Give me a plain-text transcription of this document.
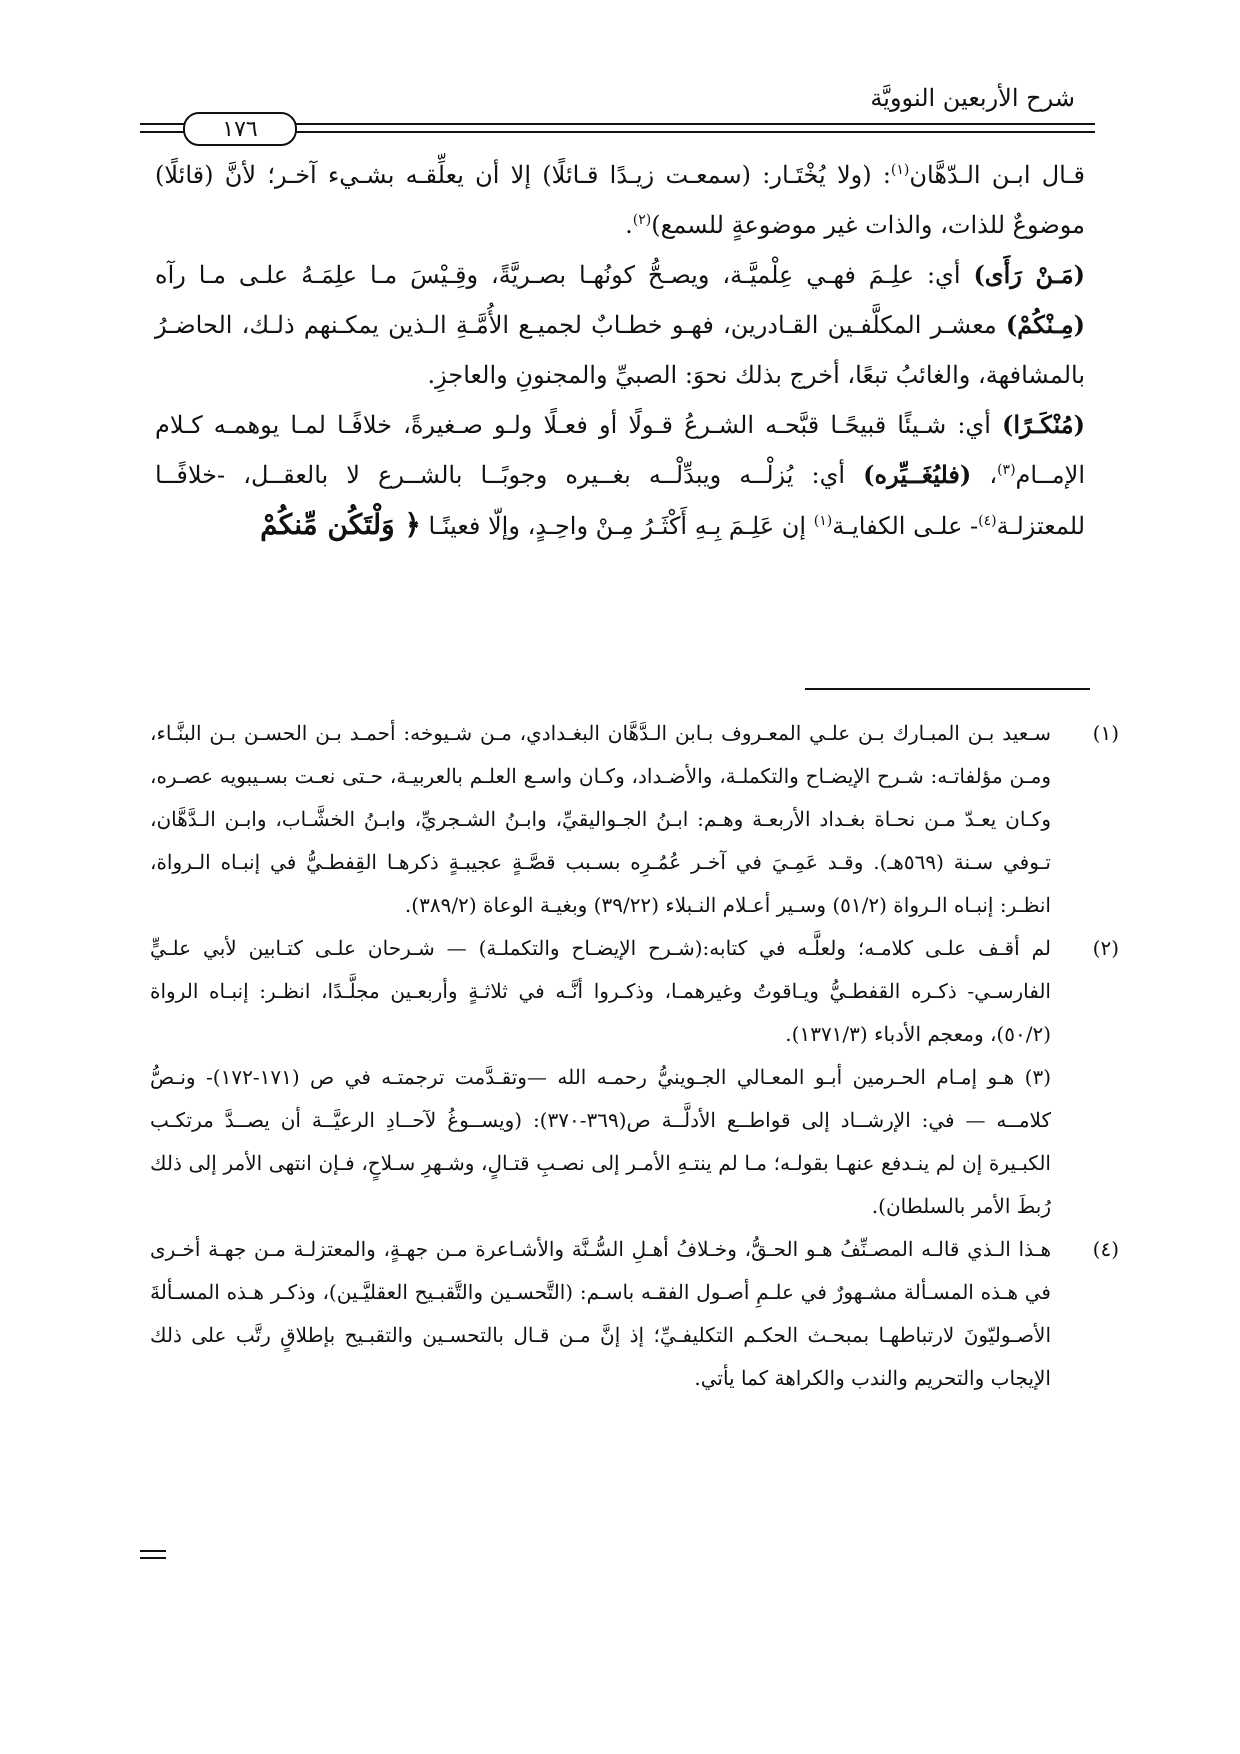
شرح الأربعين النوويَّة
١٧٦

قـال ابـن الـدّهَّان$^{(١)}$: (ولا يُخْتَـار: (سمعـت زيـدًا قـائلًا) إلا أن يعلِّقـه بشـيء آخـر؛ لأنَّ (قائلًا) موضوعٌ للذات، والذات غير موضوعةٍ للسمع)$^{(٢)}$.

(مَـنْ رَأَى) أي: علِـمَ فهـي عِلْميَّـة، ويصـحُّ كونُهـا بصـريَّةً، وقِـيْسَ مـا علِمَـهُ علـى مـا رآه (مِـنْكُمْ) معشـر المكلَّفـين القـادرين، فهـو خطـابٌ لجميـع الأُمَّـةِ الـذين يمكـنهم ذلـك، الحاضـرُ بالمشافهة، والغائبُ تبعًا، أخرج بذلك نحوَ: الصبيِّ والمجنونِ والعاجزِ.

(مُنْكَـرًا) أي: شـيئًا قبيحًـا قبَّحـه الشـرعُ قـولًا أو فعـلًا ولـو صـغيرةً، خلافًـا لمـا يوهمـه كـلام الإمــام$^{(٣)}$، (فليُغَــيِّره) أي: يُزلْــه ويبدِّلْــه بغــيره وجوبًــا بالشــرع لا بالعقــل، -خلافًــا للمعتزلـة$^{(٤)}$- علـى الكفايـة$^{(١)}$ إن عَلِـمَ بِـهِ أَكْثَـرُ مِـنْ واحِـدٍ، وإلّا فعينًـا ﴿ وَلْتَكُن مِّنكُمْ

(١)سـعيد بـن المبـارك بـن علـي المعـروف بـابن الـدَّهَّان البغـدادي، مـن شـيوخه: أحمـد بـن الحسـن بـن البنَّـاء، ومـن مؤلفاتـه: شـرح الإيضـاح والتكملـة، والأضـداد، وكـان واسـع العلـم بالعربيـة، حـتى نعـت بسـيبويه عصـره، وكـان يعـدّ مـن نحـاة بغـداد الأربعـة وهـم: ابـنُ الجـواليقيِّ، وابـنُ الشـجريِّ، وابـنُ الخشَّـاب، وابـن الـدَّهَّان، تـوفي سـنة (٥٦٩هـ). وقـد عَمِـيَ في آخـر عُمُـرِه بسـبب قصَّـةٍ عجيبـةٍ ذكرهـا القِفطـيُّ في إنبـاه الـرواة، انظـر: إنبـاه الـرواة (٥١/٢) وسـير أعـلام النـبلاء (٣٩/٢٢) وبغيـة الوعاة (٣٨٩/٢).

(٢)لم أقـف علـى كلامـه؛ ولعلَّـه في كتابه:(شـرح الإيضـاح والتكملـة) — شـرحان علـى كتـابين لأبي علـيٍّ الفارسـي- ذكـره القفطـيُّ ويـاقوتُ وغيرهمـا، وذكـروا أنَّـه في ثلاثـةٍ وأربعـين مجلَّـدًا، انظـر: إنبـاه الرواة (٥٠/٢)، ومعجم الأدباء (١٣٧١/٣).

(٣) هـو إمـام الحـرمين أبـو المعـالي الجـوينيُّ رحمـه الله —وتقـدَّمت ترجمتـه في ص (١٧١-١٧٢)- ونـصُّ كلامــه — في: الإرشــاد إلى قواطــع الأدلَّــة ص(٣٦٩-٣٧٠): (ويســوغُ لآحــادِ الرعيَّــة أن يصــدَّ مرتكـب الكبـيرة إن لم ينـدفع عنهـا بقولـه؛ مـا لم ينتـهِ الأمـر إلى نصـبِ قتـالٍ، وشـهرِ سـلاحٍ، فـإن انتهى الأمر إلى ذلك رُبطَ الأمر بالسلطان).

(٤)هـذا الـذي قالـه المصـنِّفُ هـو الحـقُّ، وخـلافُ أهـلِ السُّـنَّة والأشـاعرة مـن جهـةٍ، والمعتزلـة مـن جهـة أخـرى في هـذه المسـألة مشـهورٌ في علـمِ أصـول الفقـه باسـم: (التَّحسـين والتَّقبـيح العقليَّـين)، وذكـر هـذه المسـألةَ الأصـوليّونَ لارتباطهـا بمبحـث الحكـم التكليفـيِّ؛ إذ إنَّ مـن قـال بالتحسـين والتقبـيح بإطلاقٍ رتَّب على ذلك الإيجاب والتحريم والندب والكراهة كما يأتي.
